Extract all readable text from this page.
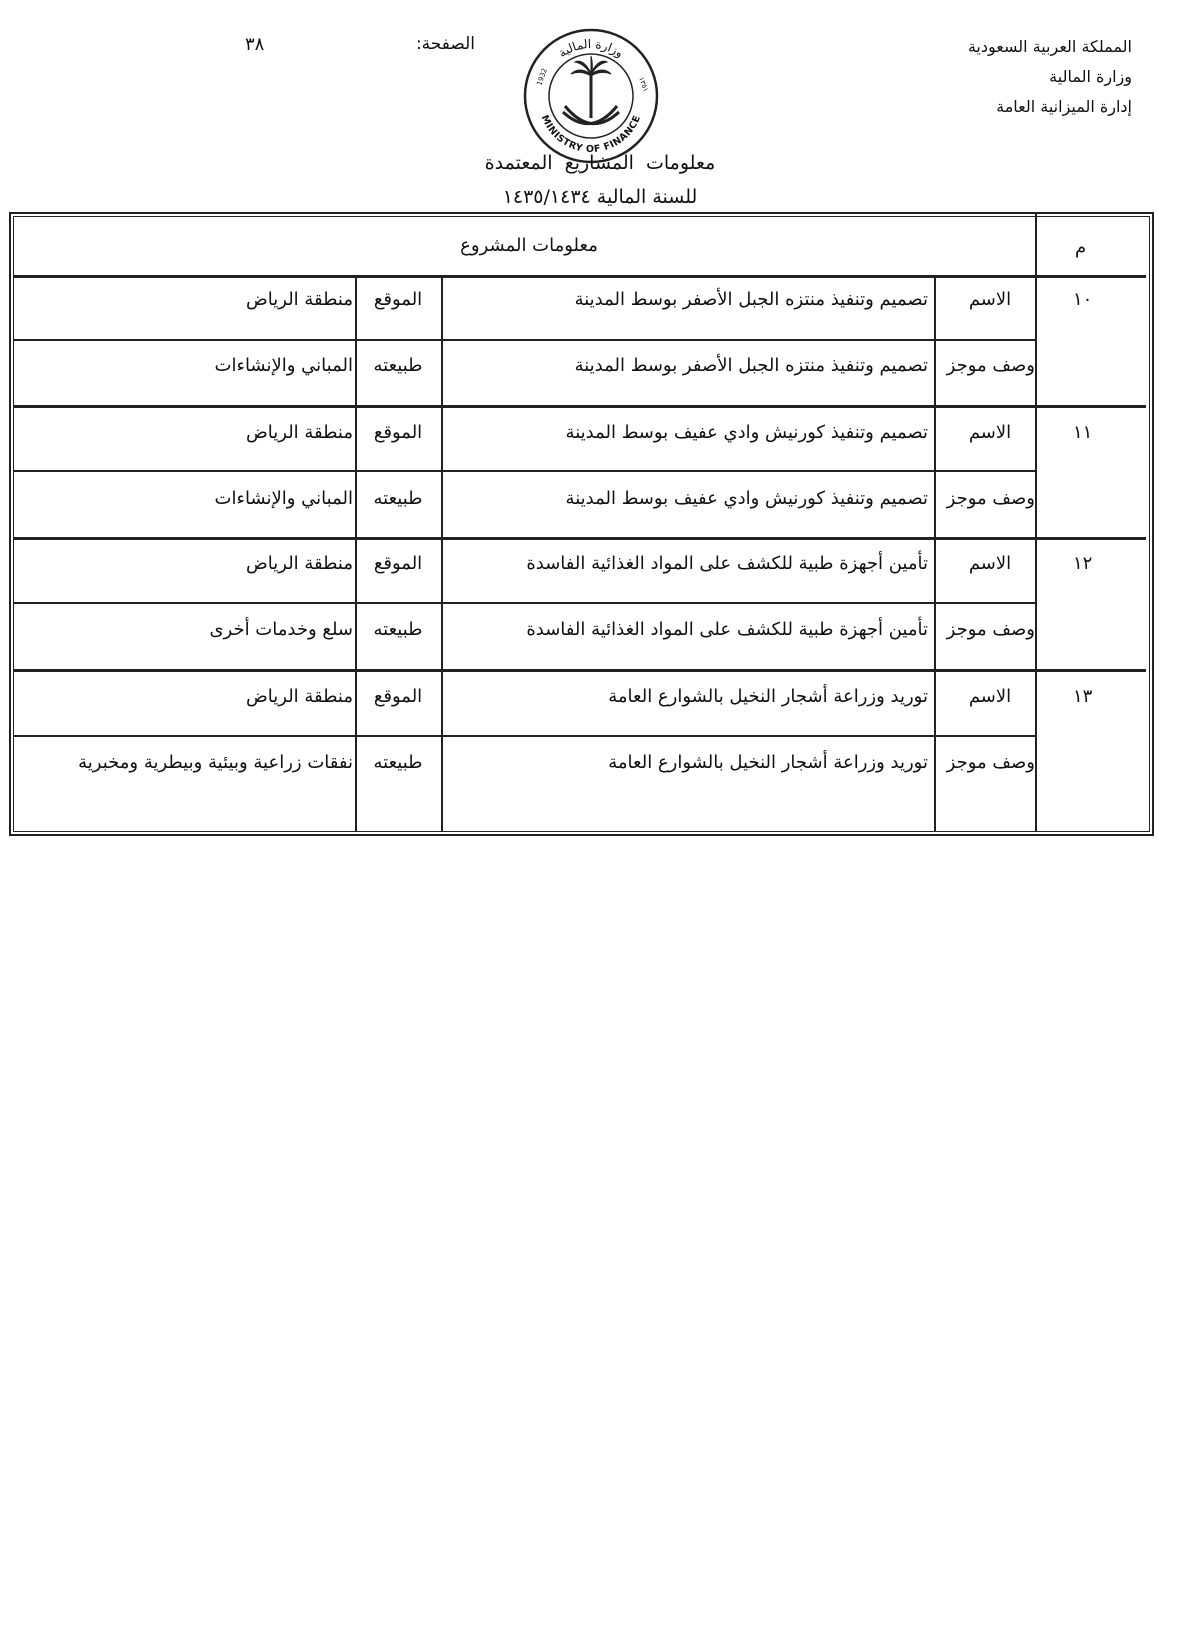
المملكة العربية السعودية
وزارة المالية
إدارة الميزانية العامة
الصفحة:
٣٨	وزارة المالية
MINISTRY OF FINANCE
1932	١٣٥١
معلومات المشاريع المعتمدة
للسنة المالية ١٤٣٥/١٤٣٤
م
معلومات المشروع
١٠
الاسم
تصميم وتنفيذ منتزه الجبل الأصفر بوسط المدينة
الموقع
منطقة الرياض
وصف موجز
تصميم وتنفيذ منتزه الجبل الأصفر بوسط المدينة
طبيعته
المباني والإنشاءات
١١
الاسم
تصميم وتنفيذ كورنيش وادي عفيف بوسط المدينة
الموقع
منطقة الرياض
وصف موجز
تصميم وتنفيذ كورنيش وادي عفيف بوسط المدينة
طبيعته
المباني والإنشاءات
١٢
الاسم
تأمين أجهزة طبية للكشف على المواد الغذائية الفاسدة
الموقع
منطقة الرياض
وصف موجز
تأمين أجهزة طبية للكشف على المواد الغذائية الفاسدة
طبيعته
سلع وخدمات أخرى
١٣
الاسم
توريد وزراعة أشجار النخيل بالشوارع العامة
الموقع
منطقة الرياض
وصف موجز
توريد وزراعة أشجار النخيل بالشوارع العامة
طبيعته
نفقات زراعية وبيئية وبيطرية ومخبرية
